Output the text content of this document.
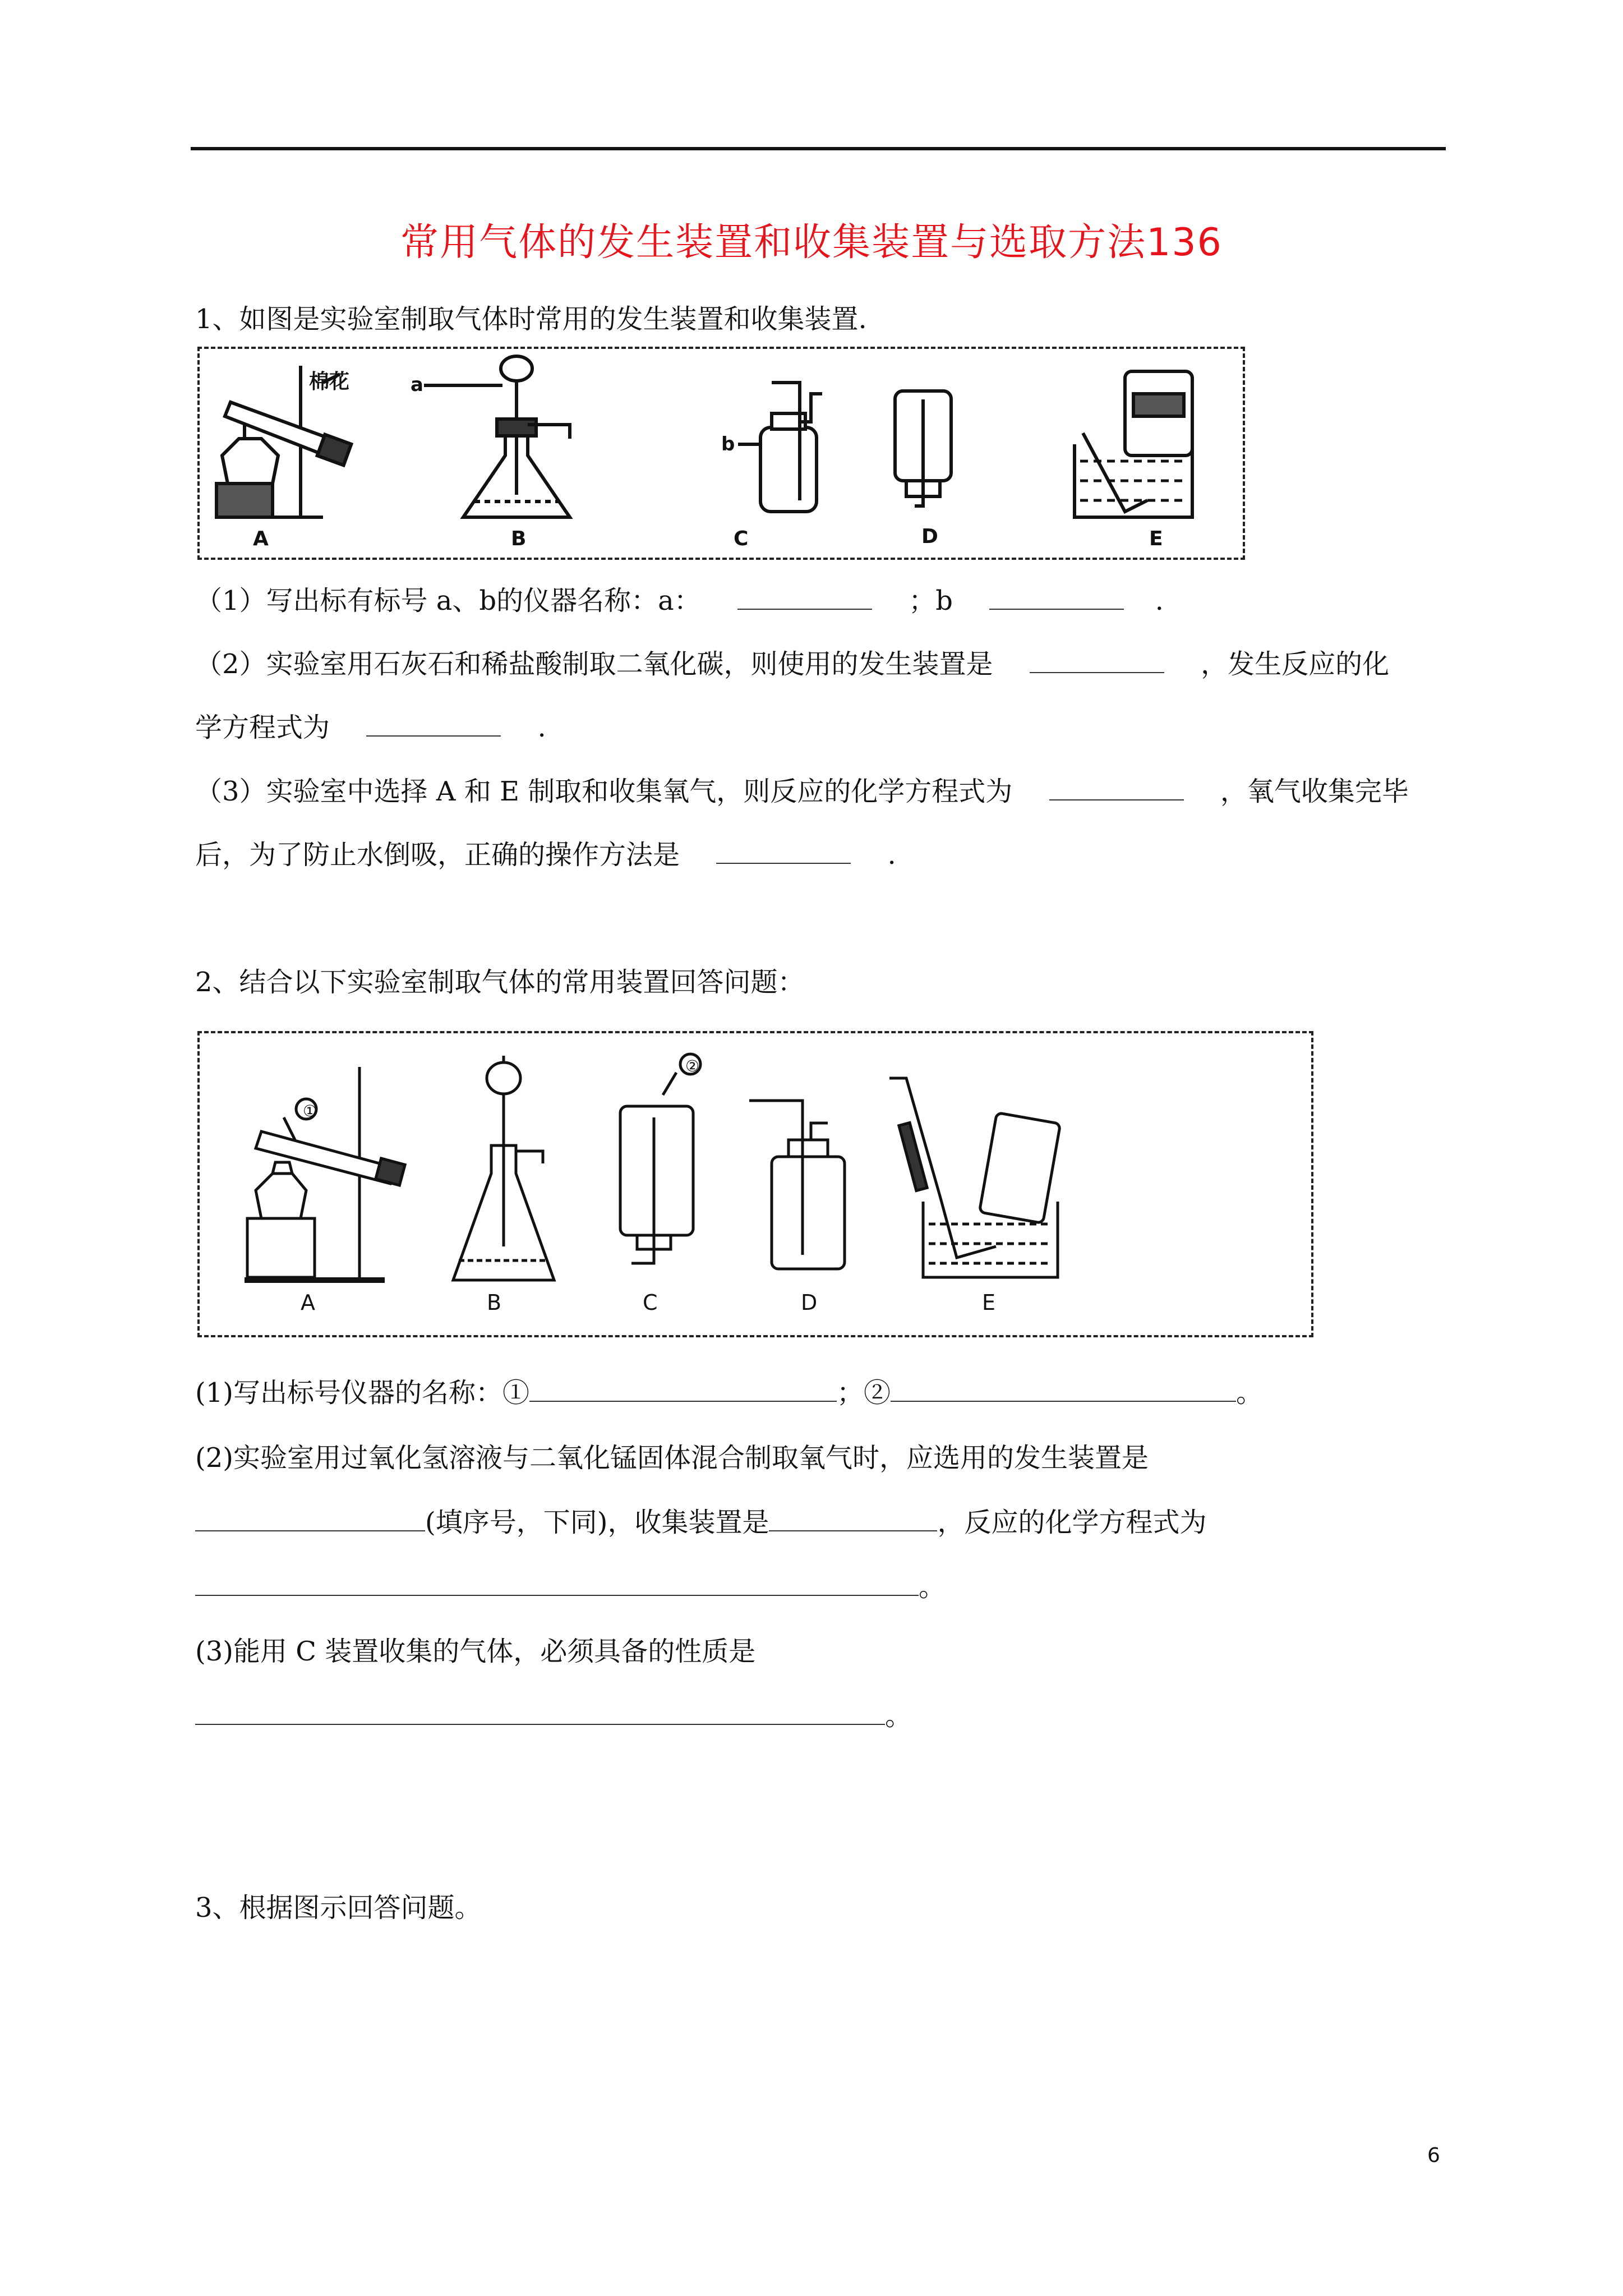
常用气体的发生装置和收集装置与选取方法136
1、如图是实验室制取气体时常用的发生装置和收集装置.
棉花	a
b
A	B	C	D	E
（1）写出标有标号 a、b的仪器名称：a：	；b	.
（2）实验室用石灰石和稀盐酸制取二氧化碳，则使用的发生装置是	，发生反应的化
学方程式为	.
（3）实验室中选择 A 和 E 制取和收集氧气，则反应的化学方程式为	，氧气收集完毕
后，为了防止水倒吸，正确的操作方法是	.
2、结合以下实验室制取气体的常用装置回答问题：
①
②
A	B	C	D	E
(1)写出标号仪器的名称：①	；②	。
(2)实验室用过氧化氢溶液与二氧化锰固体混合制取氧气时，应选用的发生装置是
(填序号，下同)，收集装置是	，反应的化学方程式为
。
(3)能用 C 装置收集的气体，必须具备的性质是
。
3、根据图示回答问题。
6
